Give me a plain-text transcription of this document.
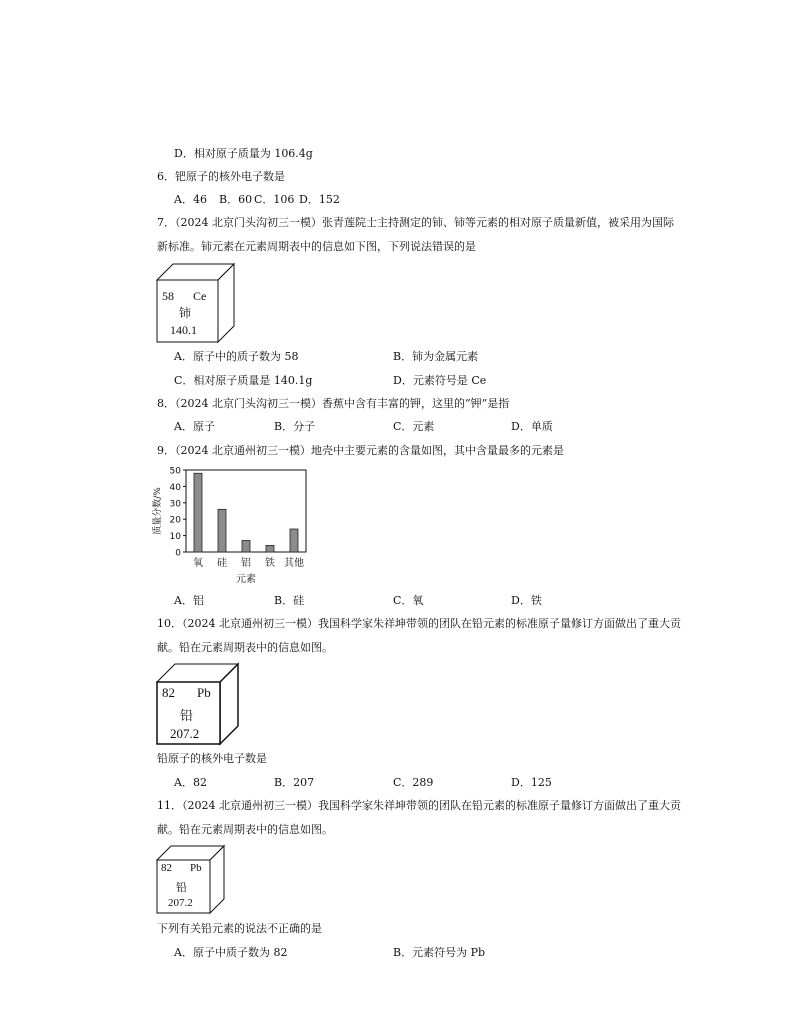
D．相对原子质量为 106.4g
6．钯原子的核外电子数是
A．46 B．60 C．106 D．152
7．（2024 北京门头沟初三一模）张青莲院士主持测定的铈、铈等元素的相对原子质量新值，被采用为国际
新标准。铈元素在元素周期表中的信息如下图，下列说法错误的是
58 Ce
铈
140.1
A．原子中的质子数为 58	B．铈为金属元素
C．相对原子质量是 140.1g	D．元素符号是 Ce
8．（2024 北京门头沟初三一模）香蕉中含有丰富的钾，这里的“钾”是指
A．原子	B．分子	C．元素	D．单质
9．（2024 北京通州初三一模）地壳中主要元素的含量如图，其中含量最多的元素是
0
10
20
30
40
50
质量分数/%
氧 硅 铝 铁 其他
元素
A．铝	B．硅	C．氧	D．铁
10．（2024 北京通州初三一模）我国科学家朱祥坤带领的团队在铅元素的标准原子量修订方面做出了重大贡
献。铅在元素周期表中的信息如图。
82 Pb
铅
207.2
铅原子的核外电子数是
A．82	B．207	C．289	D．125
11．（2024 北京通州初三一模）我国科学家朱祥坤带领的团队在铅元素的标准原子量修订方面做出了重大贡
献。铅在元素周期表中的信息如图。
82 Pb
铅
207.2
下列有关铅元素的说法不正确的是
A．原子中质子数为 82	B．元素符号为 Pb
